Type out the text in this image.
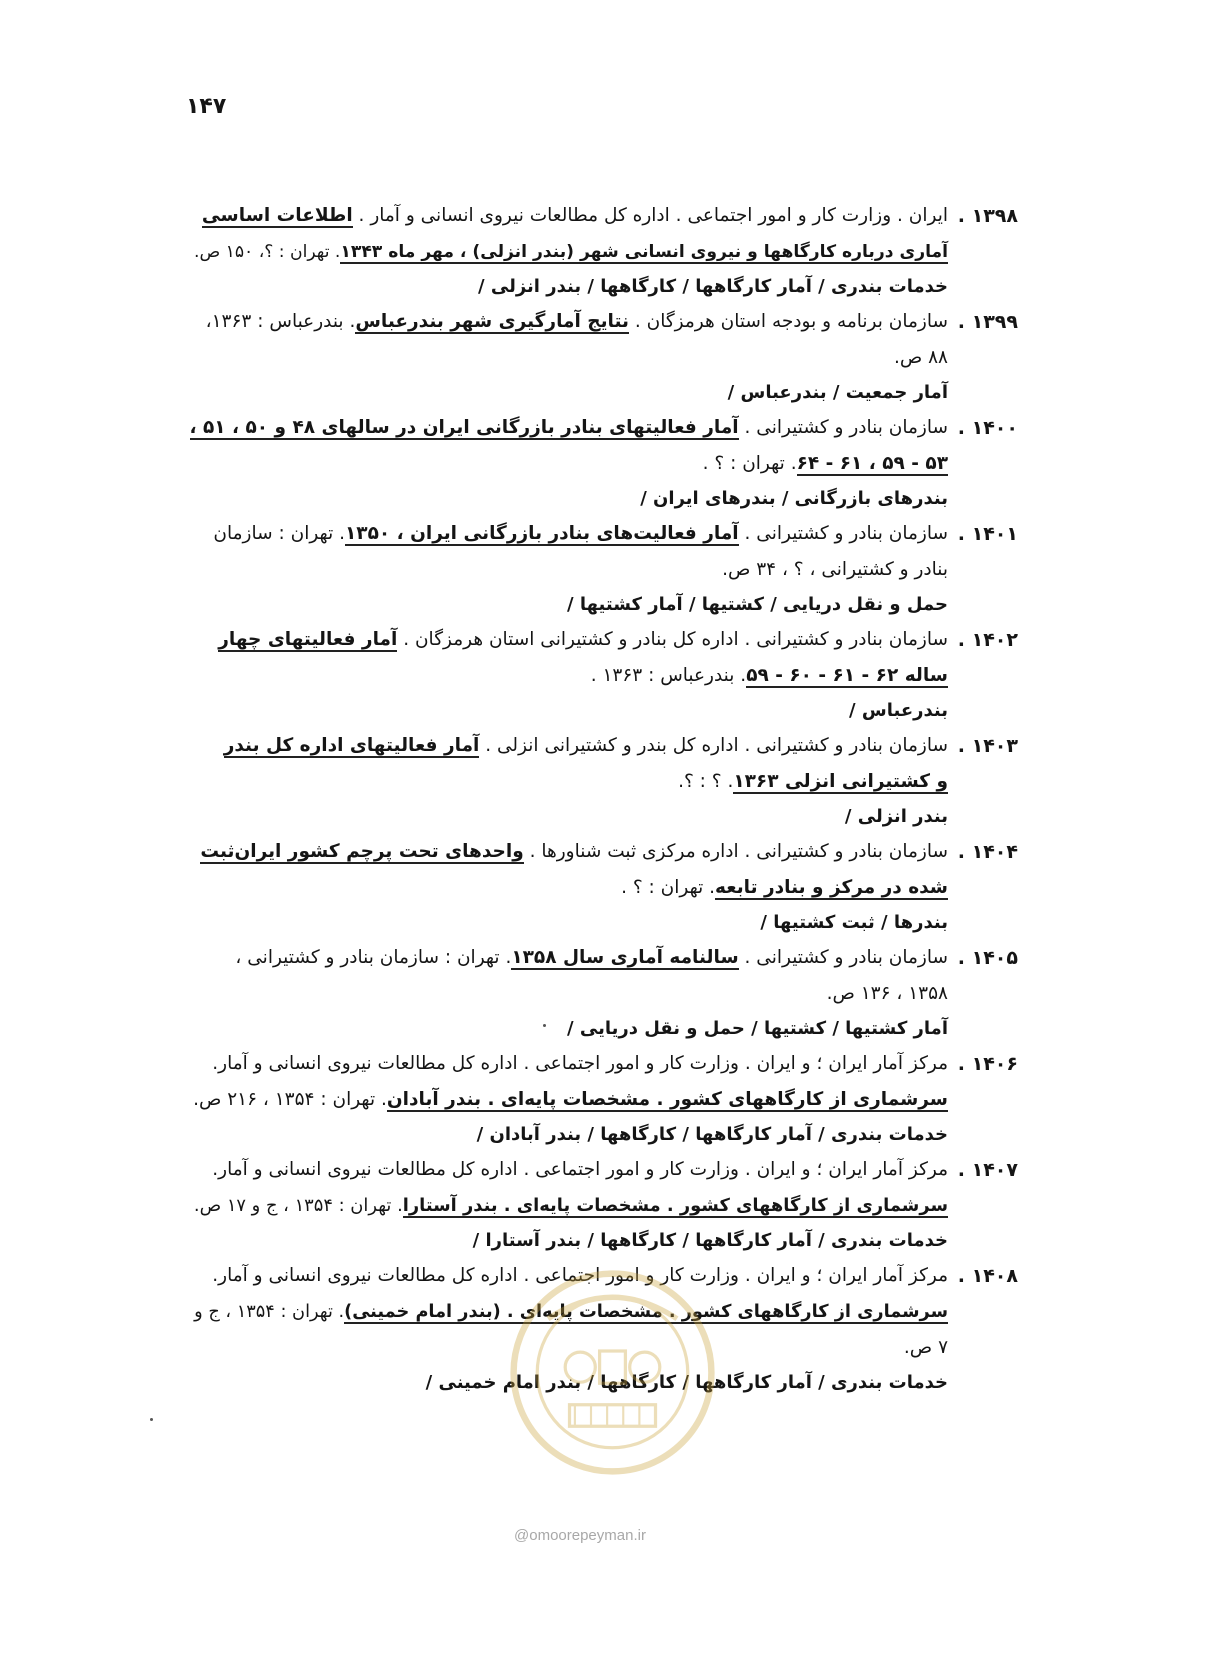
۱۴۷
۱۳۹۸ .
ایران . وزارت کار و امور اجتماعی . اداره کل مطالعات نیروی انسانی و آمار . اطلاعات اساسی
آماری درباره کارگاهها و نیروی انسانی شهر (بندر انزلی) ، مهر ماه ۱۳۴۳. تهران : ؟، ۱۵۰ ص.
خدمات بندری / آمار کارگاهها / کارگاهها / بندر انزلی /
۱۳۹۹ .
سازمان برنامه و بودجه استان هرمزگان . نتایج آمارگیری شهر بندرعباس. بندرعباس : ۱۳۶۳،
۸۸ ص.
آمار جمعیت / بندرعباس /
۱۴۰۰ .
سازمان بنادر و کشتیرانی . آمار فعالیتهای بنادر بازرگانی ایران در سالهای ۴۸ و ۵۰ ، ۵۱ ،
۵۳ - ۵۹ ، ۶۱ - ۶۴. تهران : ؟ .
بندرهای بازرگانی / بندرهای ایران /
۱۴۰۱ .
سازمان بنادر و کشتیرانی . آمار فعالیت‌های بنادر بازرگانی ایران ، ۱۳۵۰. تهران : سازمان
بنادر و کشتیرانی ، ؟ ، ۳۴ ص.
حمل و نقل دریایی / کشتیها / آمار کشتیها /
۱۴۰۲ .
سازمان بنادر و کشتیرانی . اداره کل بنادر و کشتیرانی استان هرمزگان . آمار فعالیتهای چهار
ساله ۶۲ - ۶۱ - ۶۰ - ۵۹. بندرعباس : ۱۳۶۳ .
بندرعباس /
۱۴۰۳ .
سازمان بنادر و کشتیرانی . اداره کل بندر و کشتیرانی انزلی . آمار فعالیتهای اداره کل بندر
و کشتیرانی انزلی ۱۳۶۳. ؟ : ؟.
بندر انزلی /
۱۴۰۴ .
سازمان بنادر و کشتیرانی . اداره مرکزی ثبت شناورها . واحدهای تحت پرچم کشور ایران‌ثبت
شده در مرکز و بنادر تابعه. تهران : ؟ .
بندرها / ثبت کشتیها /
۱۴۰۵ .
سازمان بنادر و کشتیرانی . سالنامه آماری سال ۱۳۵۸. تهران : سازمان بنادر و کشتیرانی ،
۱۳۵۸ ، ۱۳۶ ص.
آمار کشتیها / کشتیها / حمل و نقل دریایی /
۱۴۰۶ .
مرکز آمار ایران ؛ و ایران . وزارت کار و امور اجتماعی . اداره کل مطالعات نیروی انسانی و آمار.
سرشماری از کارگاههای کشور . مشخصات پایه‌ای . بندر آبادان. تهران : ۱۳۵۴ ، ۲۱۶ ص.
خدمات بندری / آمار کارگاهها / کارگاهها / بندر آبادان /
۱۴۰۷ .
مرکز آمار ایران ؛ و ایران . وزارت کار و امور اجتماعی . اداره کل مطالعات نیروی انسانی و آمار.
سرشماری از کارگاههای کشور . مشخصات پایه‌ای . بندر آستارا. تهران : ۱۳۵۴ ، ج و ۱۷ ص.
خدمات بندری / آمار کارگاهها / کارگاهها / بندر آستارا /
۱۴۰۸ .
مرکز آمار ایران ؛ و ایران . وزارت کار و امور اجتماعی . اداره کل مطالعات نیروی انسانی و آمار.
سرشماری از کارگاههای کشور . مشخصات پایه‌ای . (بندر امام خمینی). تهران : ۱۳۵۴ ، ج و
۷ ص.
خدمات بندری / آمار کارگاهها / کارگاهها / بندر امام خمینی /
@omoorepeyman.ir
